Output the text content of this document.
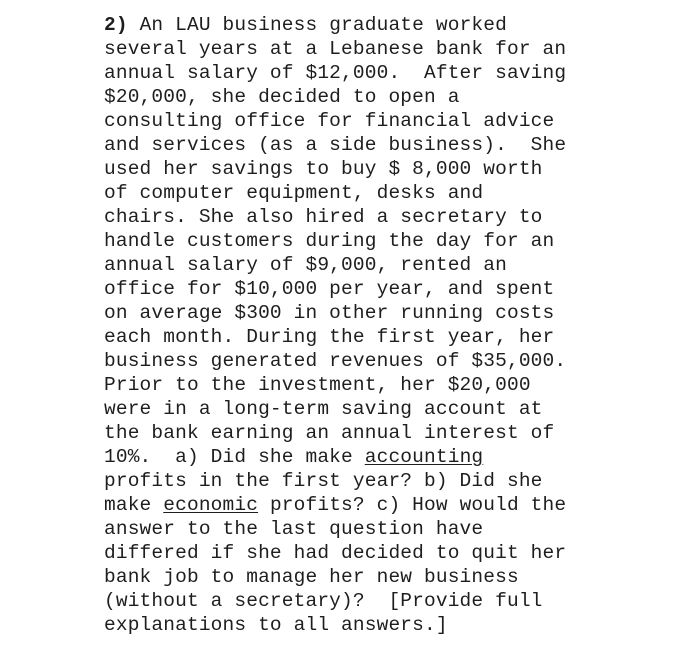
2) An LAU business graduate worked
several years at a Lebanese bank for an
annual salary of $12,000.  After saving
$20,000, she decided to open a
consulting office for financial advice
and services (as a side business).  She
used her savings to buy $ 8,000 worth
of computer equipment, desks and
chairs. She also hired a secretary to
handle customers during the day for an
annual salary of $9,000, rented an
office for $10,000 per year, and spent
on average $300 in other running costs
each month. During the first year, her
business generated revenues of $35,000.
Prior to the investment, her $20,000
were in a long-term saving account at
the bank earning an annual interest of
10%.  a) Did she make accounting
profits in the first year? b) Did she
make economic profits? c) How would the
answer to the last question have
differed if she had decided to quit her
bank job to manage her new business
(without a secretary)?  [Provide full
explanations to all answers.]
